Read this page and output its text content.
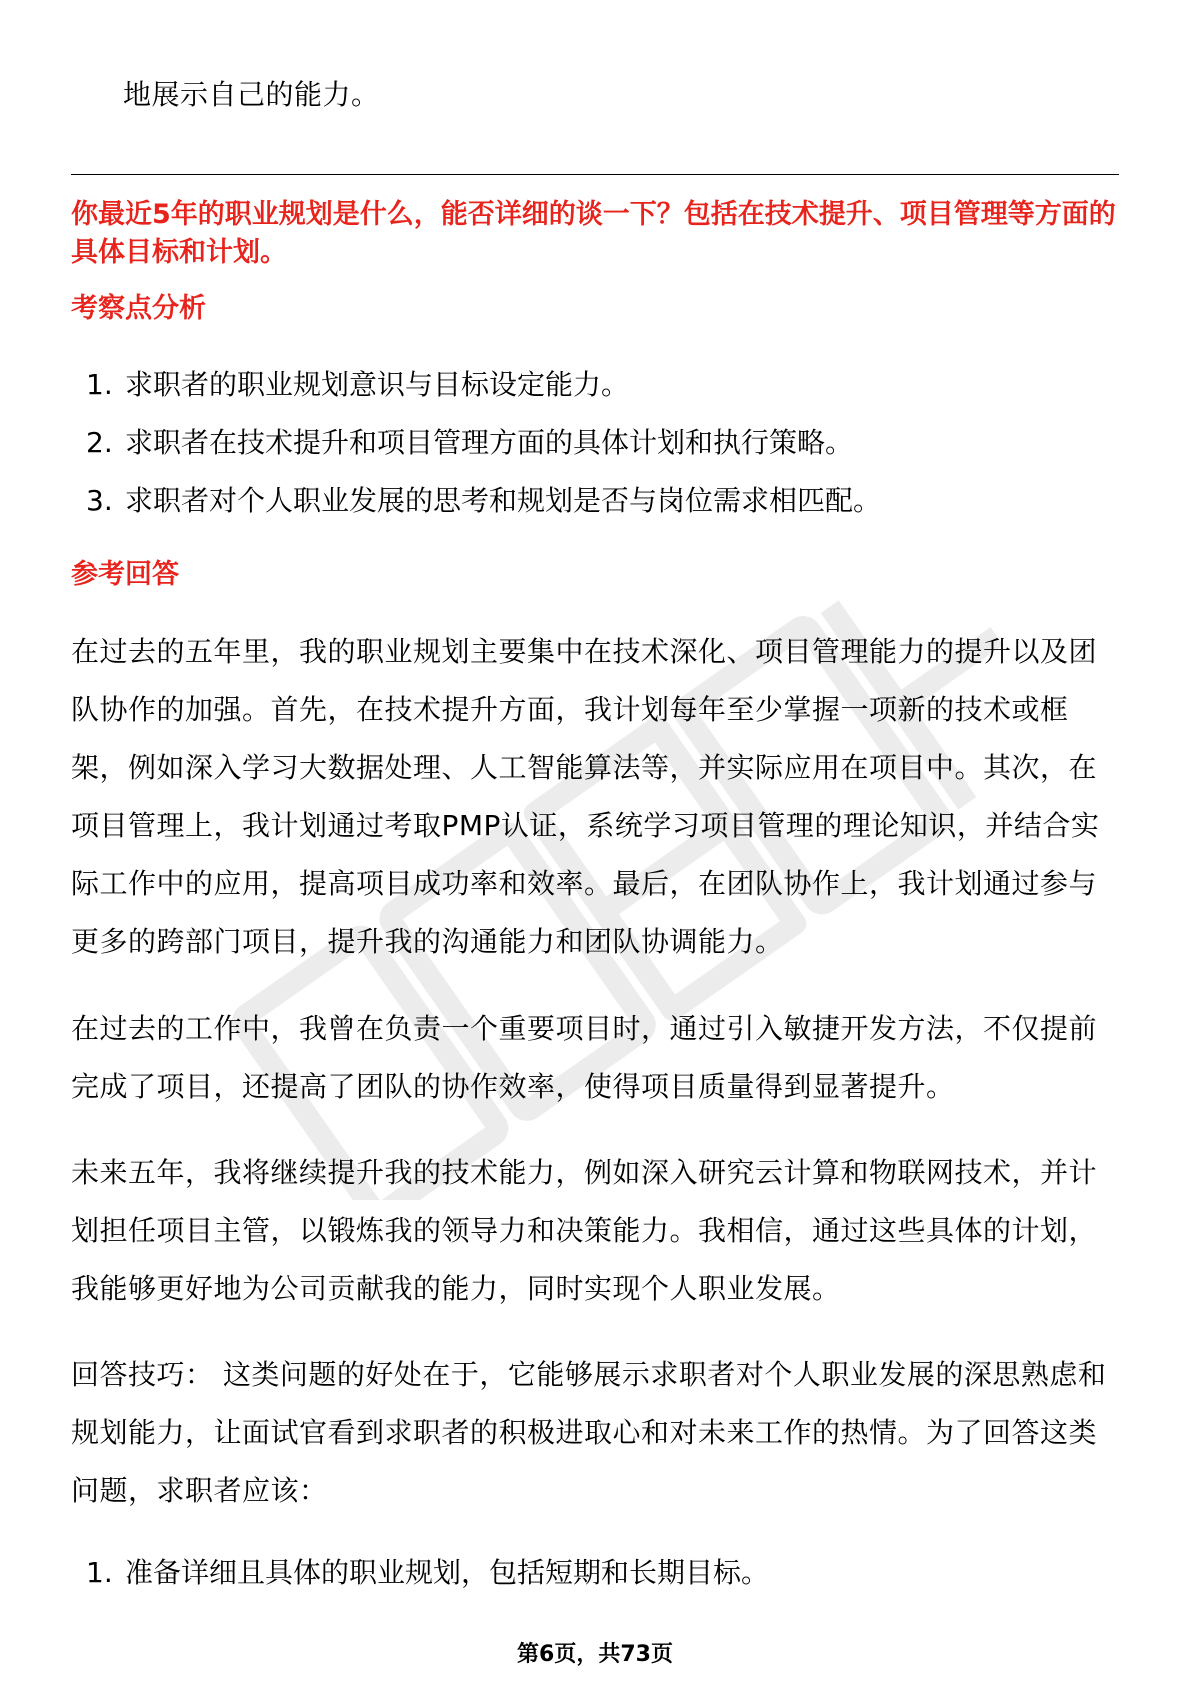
地展示自己的能力。
你最近5年的职业规划是什么，能否详细的谈一下？包括在技术提升、项目管理等方面的具体目标和计划。
考察点分析
1. 求职者的职业规划意识与目标设定能力。
2. 求职者在技术提升和项目管理方面的具体计划和执行策略。
3. 求职者对个人职业发展的思考和规划是否与岗位需求相匹配。
参考回答
在过去的五年里，我的职业规划主要集中在技术深化、项目管理能力的提升以及团队协作的加强。首先，在技术提升方面，我计划每年至少掌握一项新的技术或框架，例如深入学习大数据处理、人工智能算法等，并实际应用在项目中。其次，在项目管理上，我计划通过考取PMP认证，系统学习项目管理的理论知识，并结合实际工作中的应用，提高项目成功率和效率。最后，在团队协作上，我计划通过参与更多的跨部门项目，提升我的沟通能力和团队协调能力。
在过去的工作中，我曾在负责一个重要项目时，通过引入敏捷开发方法，不仅提前完成了项目，还提高了团队的协作效率，使得项目质量得到显著提升。
未来五年，我将继续提升我的技术能力，例如深入研究云计算和物联网技术，并计划担任项目主管，以锻炼我的领导力和决策能力。我相信，通过这些具体的计划，我能够更好地为公司贡献我的能力，同时实现个人职业发展。
回答技巧： 这类问题的好处在于，它能够展示求职者对个人职业发展的深思熟虑和规划能力，让面试官看到求职者的积极进取心和对未来工作的热情。为了回答这类问题，求职者应该：
1. 准备详细且具体的职业规划，包括短期和长期目标。
第6页，共73页
